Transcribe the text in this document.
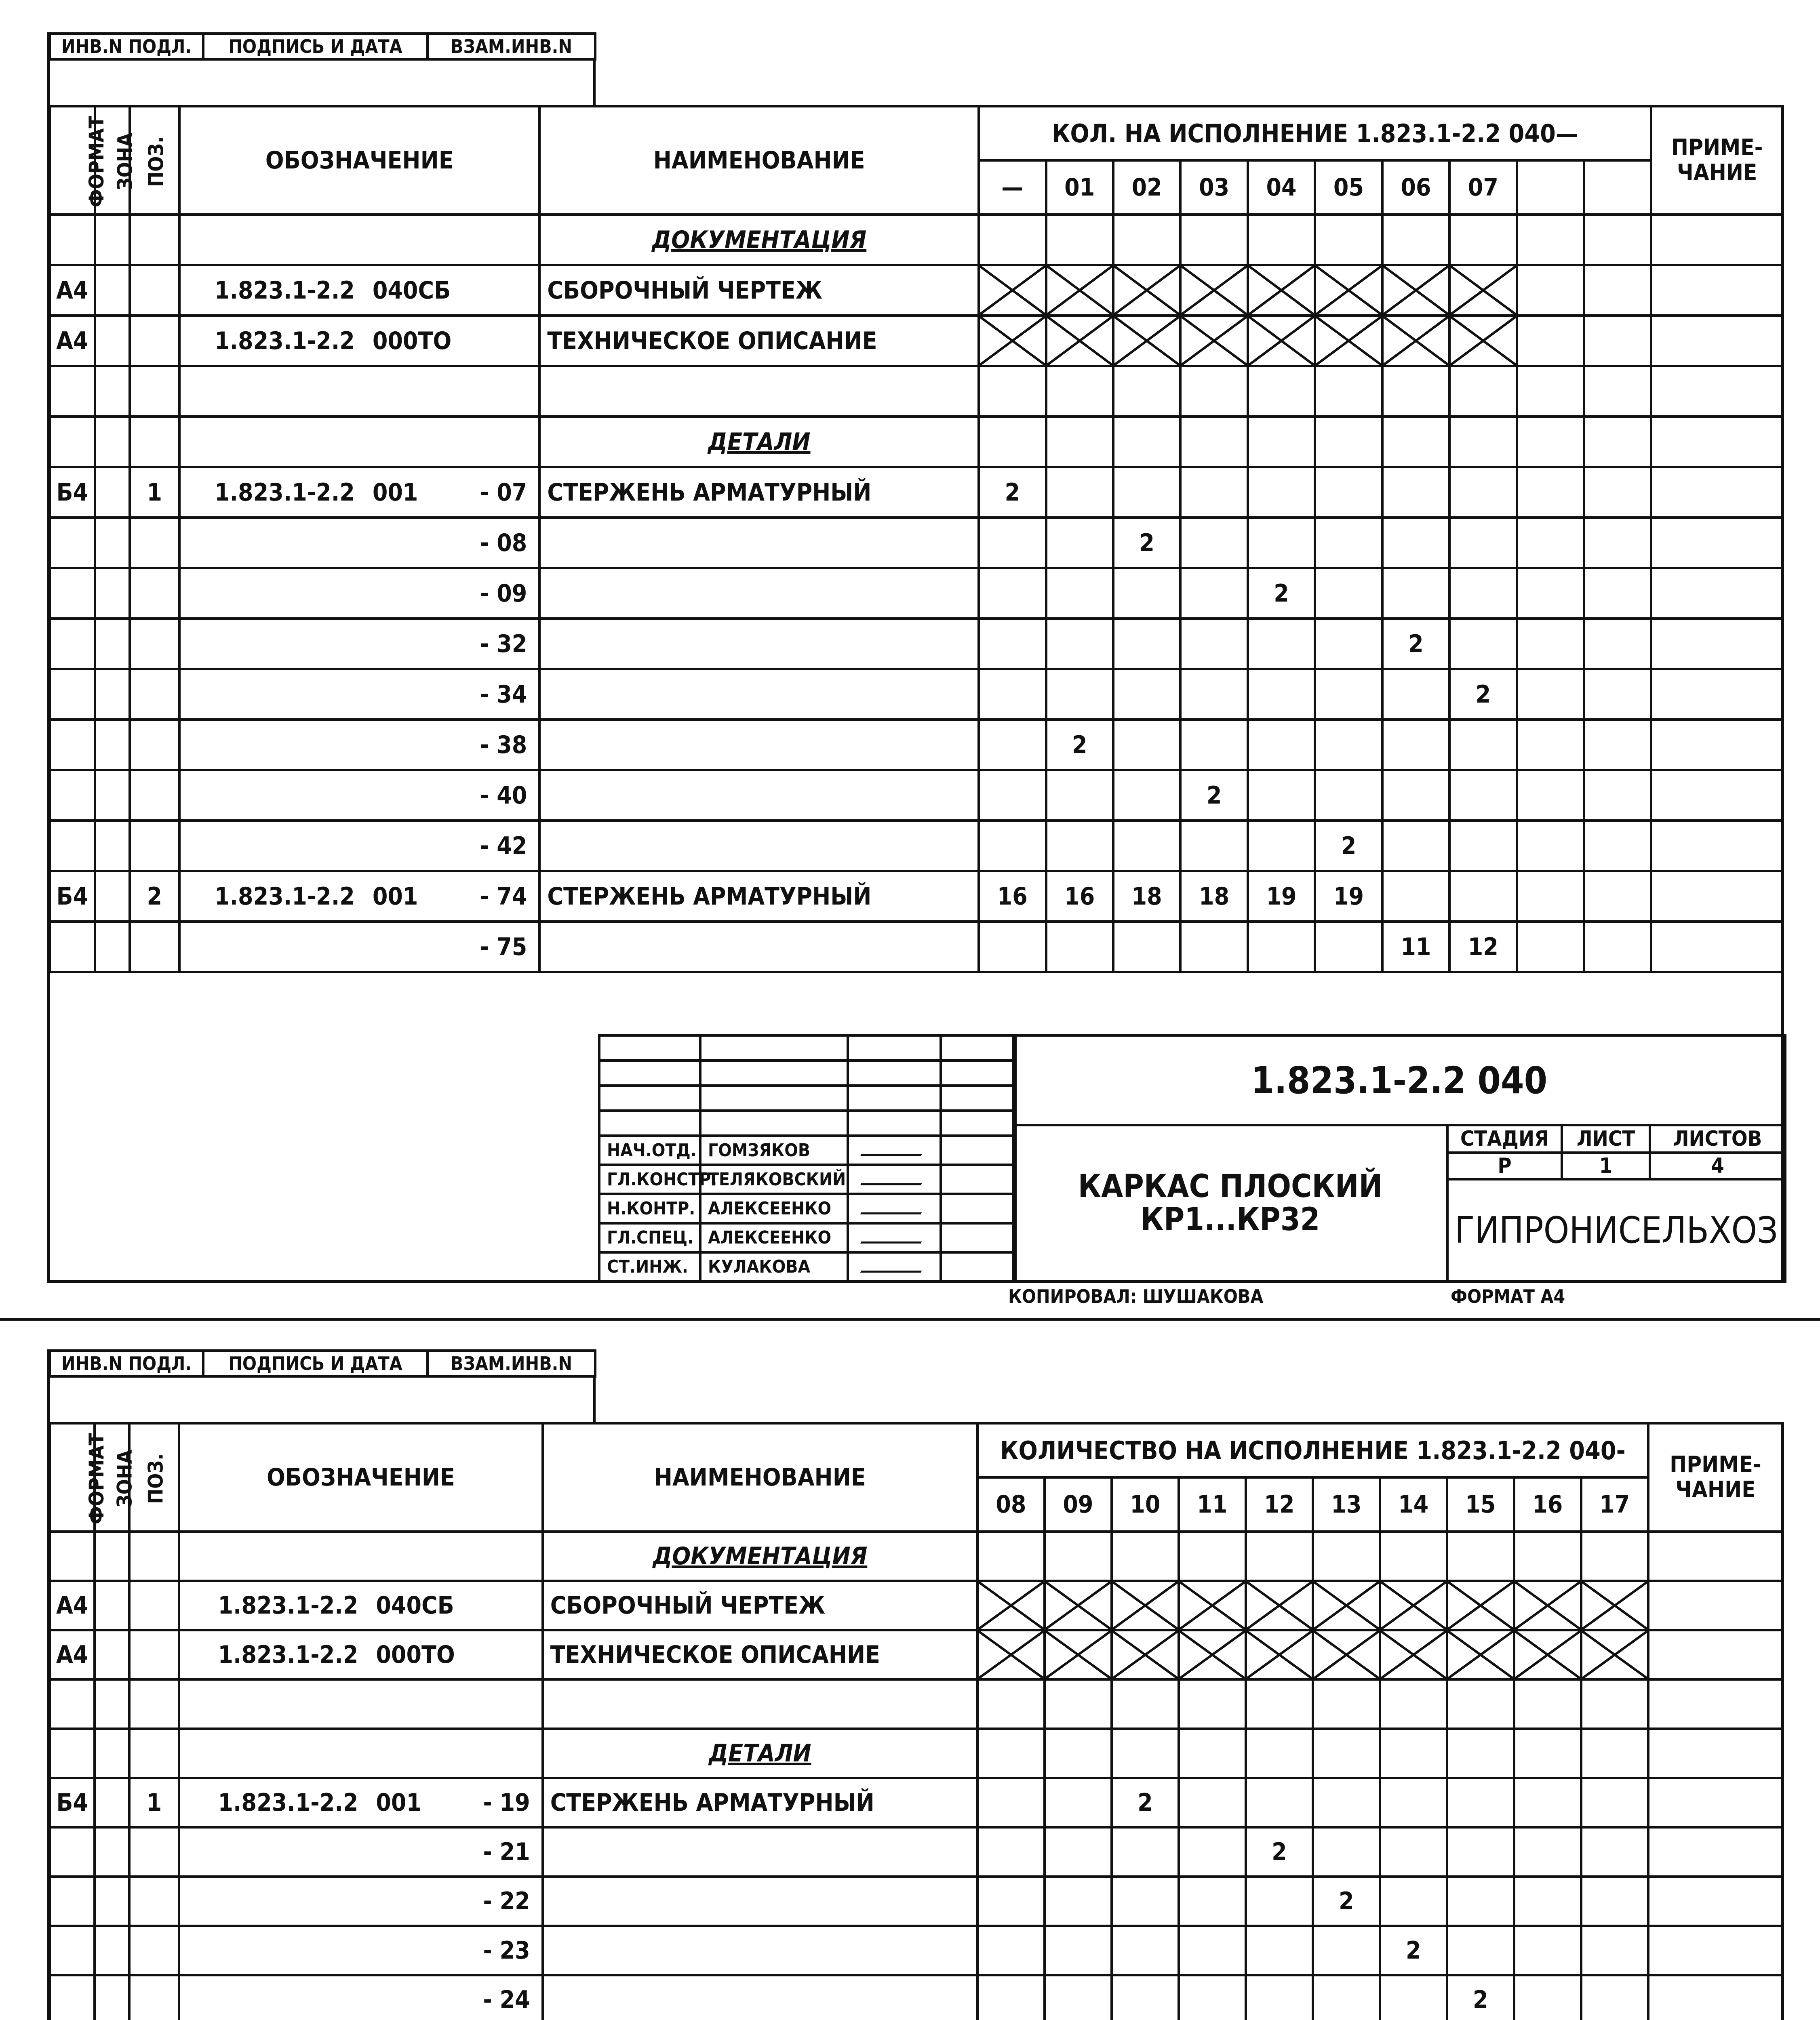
ИНВ.N ПОДЛ.	ПОДПИСЬ И ДАТА	ВЗАМ.ИНВ.N
ФОРМАТ	ЗОНА	ПОЗ.	ОБОЗНАЧЕНИЕ			НАИМЕНОВАНИЕ	КОЛ. НА ИСПОЛНЕНИЕ 1.823.1-2.2 040—										ПРИМЕ-ЧАНИЕ
							—	01	02	03	04	05	06	07			
						ДОКУМЕНТАЦИЯ											
А4			1.823.1-2.2	040СБ		СБОРОЧНЫЙ ЧЕРТЕЖ											
А4			1.823.1-2.2	000ТО		ТЕХНИЧЕСКОЕ ОПИСАНИЕ											

						ДЕТАЛИ											
Б4		1	1.823.1-2.2	001	- 07	СТЕРЖЕНЬ АРМАТУРНЫЙ	2										
					- 08				2								
					- 09						2						
					- 32								2				
					- 34									2			
					- 38			2									
					- 40					2							
					- 42							2					
Б4		2	1.823.1-2.2	001	- 74	СТЕРЖЕНЬ АРМАТУРНЫЙ	16	16	18	18	19	19					
					- 75								11	12			

НАЧ.ОТД.	ГОМЗЯКОВ		
ГЛ.КОНСТР.	ТЕЛЯКОВСКИЙ		
Н.КОНТР.	АЛЕКСЕЕНКО		
ГЛ.СПЕЦ.	АЛЕКСЕЕНКО		
СТ.ИНЖ.	КУЛАКОВА		
1.823.1-2.2 040			

КАРКАС ПЛОСКИЙ
КР1...КР32	СТАДИЯ	ЛИСТ	ЛИСТОВ
	Р	1	4
	ГИПРОНИСЕЛЬХОЗ		
КОПИРОВАЛ: ШУШАКОВА	ФОРМАТ А4
ИНВ.N ПОДЛ.	ПОДПИСЬ И ДАТА	ВЗАМ.ИНВ.N
ФОРМАТ	ЗОНА	ПОЗ.	ОБОЗНАЧЕНИЕ			НАИМЕНОВАНИЕ	КОЛИЧЕСТВО НА ИСПОЛНЕНИЕ 1.823.1-2.2 040-										ПРИМЕ-ЧАНИЕ
							08	09	10	11	12	13	14	15	16	17	
						ДОКУМЕНТАЦИЯ											
А4			1.823.1-2.2	040СБ		СБОРОЧНЫЙ ЧЕРТЕЖ											
А4			1.823.1-2.2	000ТО		ТЕХНИЧЕСКОЕ ОПИСАНИЕ											

						ДЕТАЛИ											
Б4		1	1.823.1-2.2	001	- 19	СТЕРЖЕНЬ АРМАТУРНЫЙ			2								
					- 21						2						
					- 22							2					
					- 23								2				
					- 24									2			
